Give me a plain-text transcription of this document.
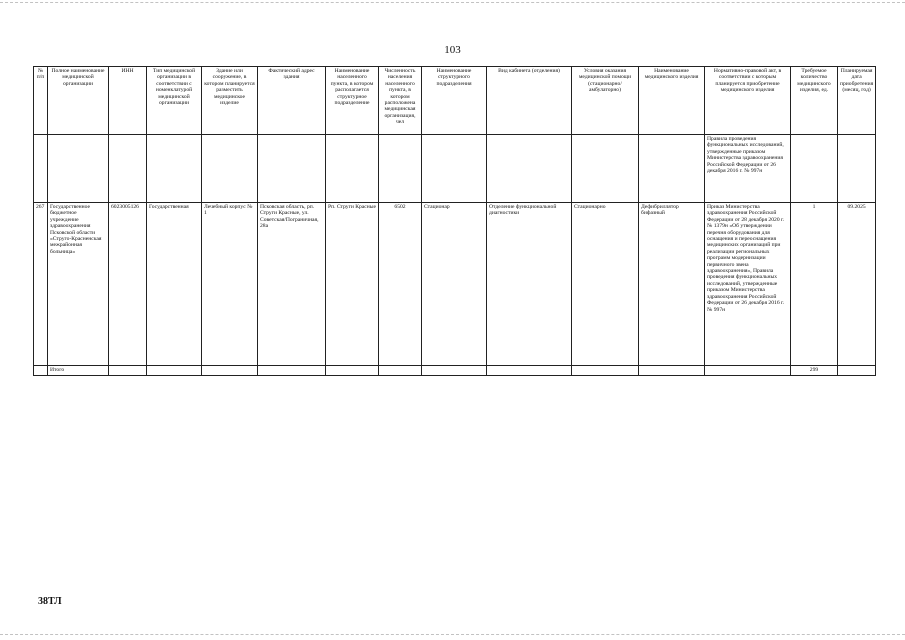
103
№ п/п	Полное наименование медицинской организации	ИНН	Тип медицинской организации в соответствии с номенклатурой медицинской организации	Здание или сооружение, в котором планируется разместить медицинское изделие	Фактический адрес здания	Наименование населенного пункта, в котором располагается структурное подразделение	Численность населения населенного пункта, в котором расположена медицинская организация, чел	Наименование структурного подразделения	Вид кабинета (отделения)	Условия оказания медицинской помощи (стационарно/ амбулаторно)	Наименование медицинского изделия	Нормативно-правовой акт, в соответствии с которым планируется приобретение медицинского изделия	Требуемое количество медицинского изделия, ед.	Планируемая дата приобретения (месяц, год)
												Правила проведения функциональных исследований, утвержденные приказом Министерства здравоохранения Российской Федерации от 26 декабря 2016 г. № 997н		
267	Государственное бюджетное учреждение здравоохранения Псковской области «Струго-Красненская межрайонная больница»	6023005126	Государственная	Лечебный корпус № 1	Псковская область, рп. Струги Красные, ул. Советская/Пограничная, 28а	Рп. Струги Красные	6502	Стационар	Отделение функциональной диагностики	Стационарно	Дефибриллятор бифазный	Приказ Министерства здравоохранения Российской Федерации от 28 декабря 2020 г. № 1379н «Об утверждении перечня оборудования для оснащения и переоснащения медицинских организаций при реализации региональных программ модернизации первичного звена здравоохранения», Правила проведения функциональных исследований, утвержденные приказом Министерства здравоохранения Российской Федерации от 26 декабря 2016 г. № 997н	1	09.2025
	Итого												299	
38ТЛ
